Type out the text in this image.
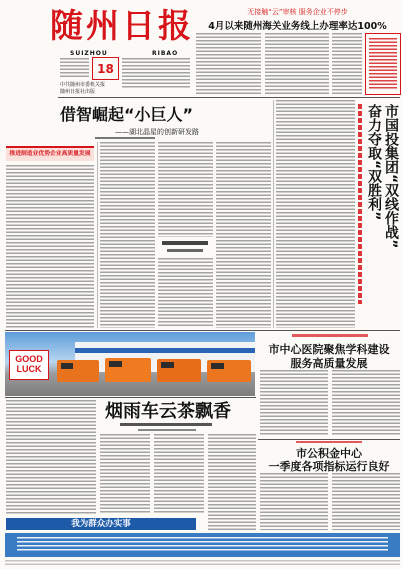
随州日报
SUIZHOU	RIBAO
18
中共随州市委机关报
随州日报社出版
无接触“云”审核 服务企业不停步
4月以来随州海关业务线上办理率达100%
借智崛起“小巨人”
——湖北晶星的创新研发路
推进制造业优势企业高质量发展	市国投集团“双线作战”
奋力夺取“双胜利”
GOOD LUCK
市中心医院聚焦学科建设
服务高质量发展
烟雨车云茶飘香
市公积金中心
一季度各项指标运行良好
我为群众办实事
